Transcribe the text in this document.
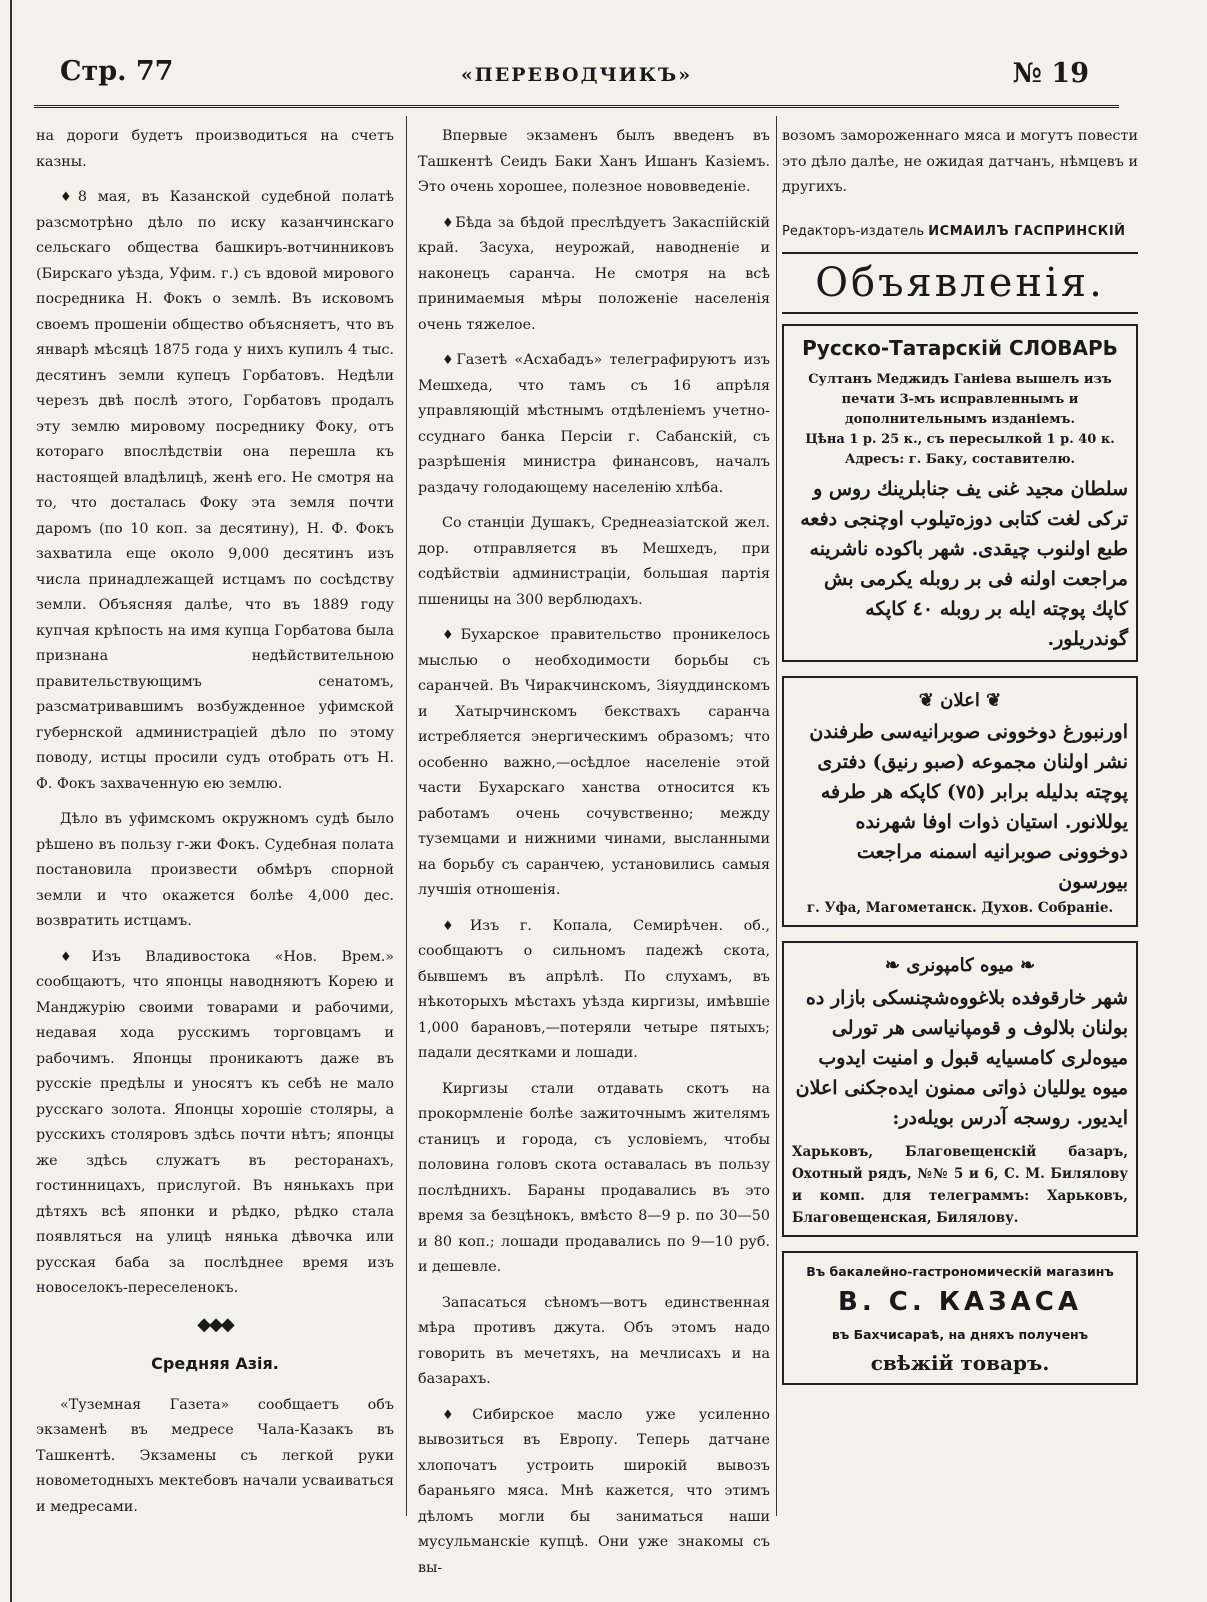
Стр. 77	«ПЕРЕВОДЧИКЪ»	№ 19

на дороги будетъ производиться на счетъ казны.

♦ 8 мая, въ Казанской судебной полатѣ разсмотрѣно дѣло по иску казанчинскаго сельскаго общества башкиръ-вотчинниковъ (Бирскаго уѣзда, Уфим. г.) съ вдовой мирового посредника Н. Фокъ о землѣ. Въ исковомъ своемъ прошеніи общество объясняетъ, что въ январѣ мѣсяцѣ 1875 года у нихъ купилъ 4 тыс. десятинъ земли купецъ Горбатовъ. Недѣли черезъ двѣ послѣ этого, Горбатовъ продалъ эту землю мировому посреднику Фоку, отъ котораго впослѣдствіи она перешла къ настоящей владѣлицѣ, женѣ его. Не смотря на то, что досталась Фоку эта земля почти даромъ (по 10 коп. за десятину), Н. Ф. Фокъ захватила еще около 9,000 десятинъ изъ числа принадлежащей истцамъ по сосѣдству земли. Объясняя далѣе, что въ 1889 году купчая крѣпость на имя купца Горбатова была признана недѣйствительною правительствующимъ сенатомъ, разсматривавшимъ возбужденное уфимской губернской администраціей дѣло по этому поводу, истцы просили судъ отобрать отъ Н. Ф. Фокъ захваченную ею землю.

Дѣло въ уфимскомъ окружномъ судѣ было рѣшено въ пользу г-жи Фокъ. Судебная полата постановила произвести обмѣръ спорной земли и что окажется болѣе 4,000 дес. возвратить истцамъ.

♦ Изъ Владивостока «Нов. Врем.» сообщаютъ, что японцы наводняютъ Корею и Манджурію своими товарами и рабочими, недавая хода русскимъ торговцамъ и рабочимъ. Японцы проникаютъ даже въ русскіе предѣлы и уносятъ къ себѣ не мало русскаго золота. Японцы хорошіе столяры, а русскихъ столяровъ здѣсь почти нѣтъ; японцы же здѣсь служатъ въ ресторанахъ, гостинницахъ, прислугой. Въ нянькахъ при дѣтяхъ всѣ японки и рѣдко, рѣдко стала появляться на улицѣ нянька дѣвочка или русская баба за послѣднее время изъ новоселокъ-переселенокъ.

◆◆◆
Средняя Азія.

«Туземная Газета» сообщаетъ объ экзаменѣ въ медресе Чала-Казакъ въ Ташкентѣ. Экзамены съ легкой руки новометодныхъ мектебовъ начали усваиваться и медресами.

Впервые экзаменъ былъ введенъ въ Ташкентѣ Сеидъ Баки Ханъ Ишанъ Казіемъ. Это очень хорошее, полезное нововведеніе.

♦ Бѣда за бѣдой преслѣдуетъ Закаспійскій край. Засуха, неурожай, наводненіе и наконецъ саранча. Не смотря на всѣ принимаемыя мѣры положеніе населенія очень тяжелое.

♦ Газетѣ «Асхабадъ» телеграфируютъ изъ Мешхеда, что тамъ съ 16 апрѣля управляющій мѣстнымъ отдѣленіемъ учетно-ссуднаго банка Персіи г. Сабанскій, съ разрѣшенія министра финансовъ, началъ раздачу голодающему населенію хлѣба.

Со станціи Душакъ, Среднеазіатской жел. дор. отправляется въ Мешхедъ, при содѣйствіи администраціи, большая партія пшеницы на 300 верблюдахъ.

♦ Бухарское правительство проникелось мыслью о необходимости борьбы съ саранчей. Въ Чиракчинскомъ, Зіяуддинскомъ и Хатырчинскомъ бекствахъ саранча истребляется энергическимъ образомъ; что особенно важно,—осѣдлое населеніе этой части Бухарскаго ханства относится къ работамъ очень сочувственно; между туземцами и нижними чинами, высланными на борьбу съ саранчею, установились самыя лучшія отношенія.

♦ Изъ г. Копала, Семирѣчен. об., сообщаютъ о сильномъ падежѣ скота, бывшемъ въ апрѣлѣ. По слухамъ, въ нѣкоторыхъ мѣстахъ уѣзда киргизы, имѣвшіе 1,000 барановъ,—потеряли четыре пятыхъ; падали десятками и лошади.

Киргизы стали отдавать скотъ на прокормленіе болѣе зажиточнымъ жителямъ станицъ и города, съ условіемъ, чтобы половина головъ скота оставалась въ пользу послѣднихъ. Бараны продавались въ это время за безцѣнокъ, вмѣсто 8—9 р. по 30—50 и 80 коп.; лошади продавались по 9—10 руб. и дешевле.

Запасаться сѣномъ—вотъ единственная мѣра противъ джута. Объ этомъ надо говорить въ мечетяхъ, на мечлисахъ и на базарахъ.

♦ Сибирское масло уже усиленно вывозиться въ Европу. Теперь датчане хлопочатъ устроить широкій вывозъ бараньяго мяса. Мнѣ кажется, что этимъ дѣломъ могли бы заниматься наши мусульманскіе купцѣ. Они уже знакомы съ вы-

возомъ замороженнаго мяса и могутъ повести это дѣло далѣе, не ожидая датчанъ, нѣмцевъ и другихъ.

Редакторъ-издатель ИСМАИЛЪ ГАСПРИНСКІЙ
Объявленія.
Русско-Татарскій СЛОВАРЬ
Султанъ Меджидъ Ганіева вышелъ изъ печати 3-мъ исправленнымъ и дополнительнымъ изданіемъ.
Цѣна 1 р. 25 к., съ пересылкой 1 р. 40 к.
Адресъ: г. Баку, составителю.
سلطان مجید غنی یف جنابلرینك روس و ترکی لغت کتابی دوزه‌تیلوب اوچنجی دفعه طبع اولنوب چیقدی. شهر باکوده ناشرینه مراجعت اولنه فی بر روبله یکرمی بش کاپك پوچته ایله بر روبله ٤٠ کاپکه گوندریلور.
❦ اعلان ❦
اورنبورغ دوخوونی صوبرانیه‌سی طرفندن نشر اولنان مجموعه (صبو رنیق) دفتری پوچته بدلیله برابر (٧٥) کاپکه هر طرفه یوللانور. استیان ذوات اوفا شهرنده دوخوونی صوبرانیه اسمنه مراجعت بیورسون
г. Уфа, Магометанск. Духов. Собраніе.
❧ میوه کامپونری ❧
شهر خارقوفده بلاغووه‌شچنسکی بازار ده بولنان بلالوف و قومپانیاسی هر تورلی میوه‌لری کامسیایه قبول و امنیت ایدوب میوه یوللیان ذواتی ممنون ایده‌جکنی اعلان ایدیور. روسجه آدرس بویله‌در:
Харьковъ, Благовещенскій базаръ, Охотный рядъ, №№ 5 и 6, С. М. Билялову и комп. для телеграммъ: Харьковъ, Благовещенская, Билялову.
Въ бакалейно-гастрономическій магазинъ
В. С. КАЗАСА
въ Бахчисараѣ, на дняхъ полученъ
свѣжій товаръ.
